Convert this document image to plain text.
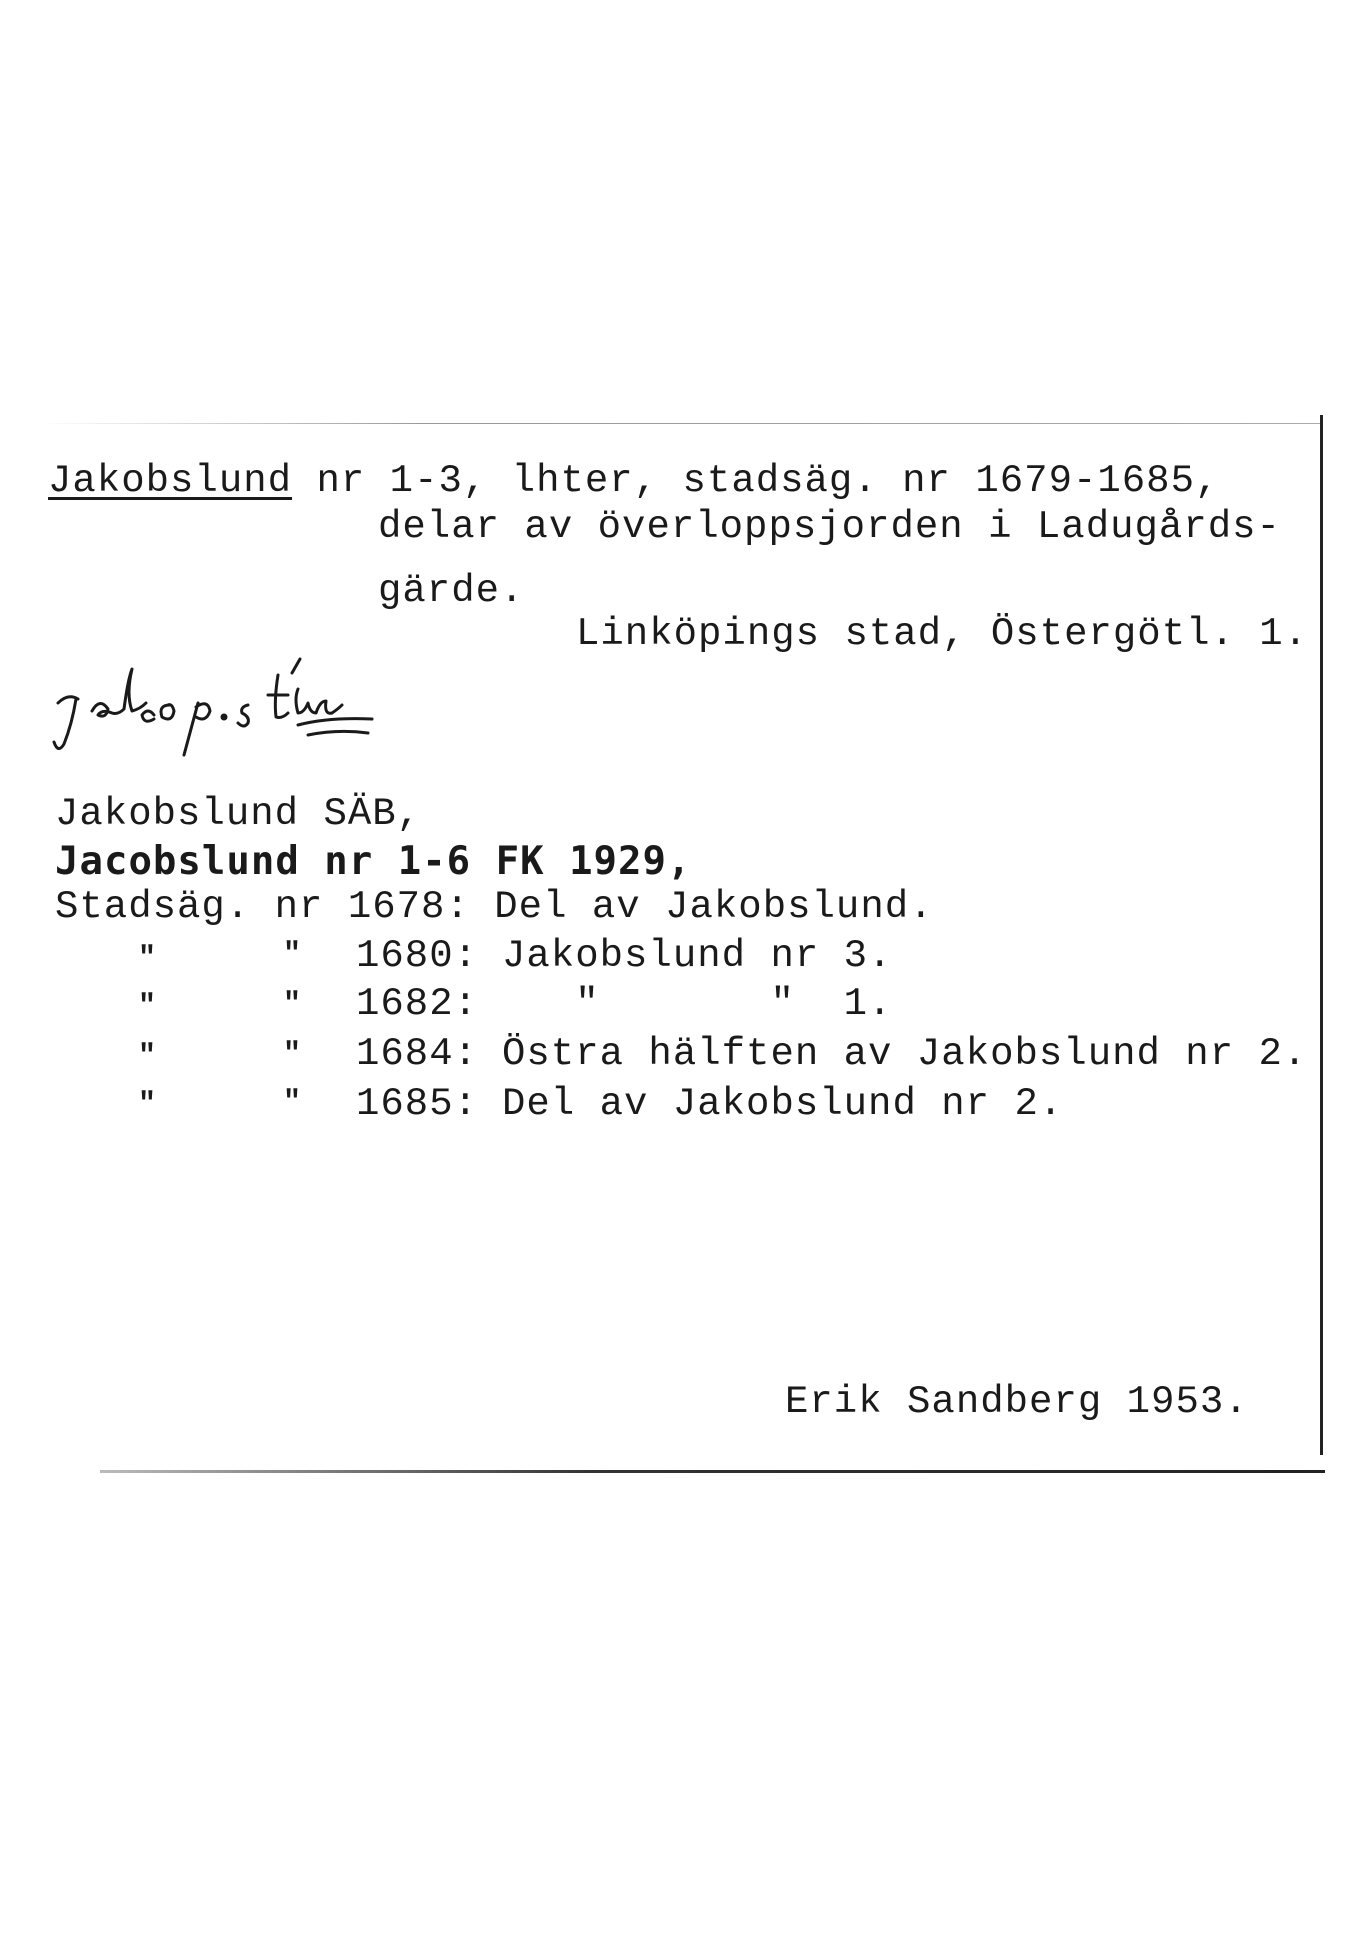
Jakobslund nr 1-3, lhter, stadsäg. nr 1679-1685,
delar av överloppsjorden i Ladugårds-
gärde.
Linköpings stad, Östergötl. 1.
Jakobslund SÄB,
Jacobslund nr 1-6 FK 1929,
Stadsäg. nr 1678: Del av Jakobslund.
"	" 1680: Jakobslund nr 3.
"	" 1682: "       "  1.
"	" 1684: Östra hälften av Jakobslund nr 2.
"	" 1685: Del av Jakobslund nr 2.
Erik Sandberg 1953.
